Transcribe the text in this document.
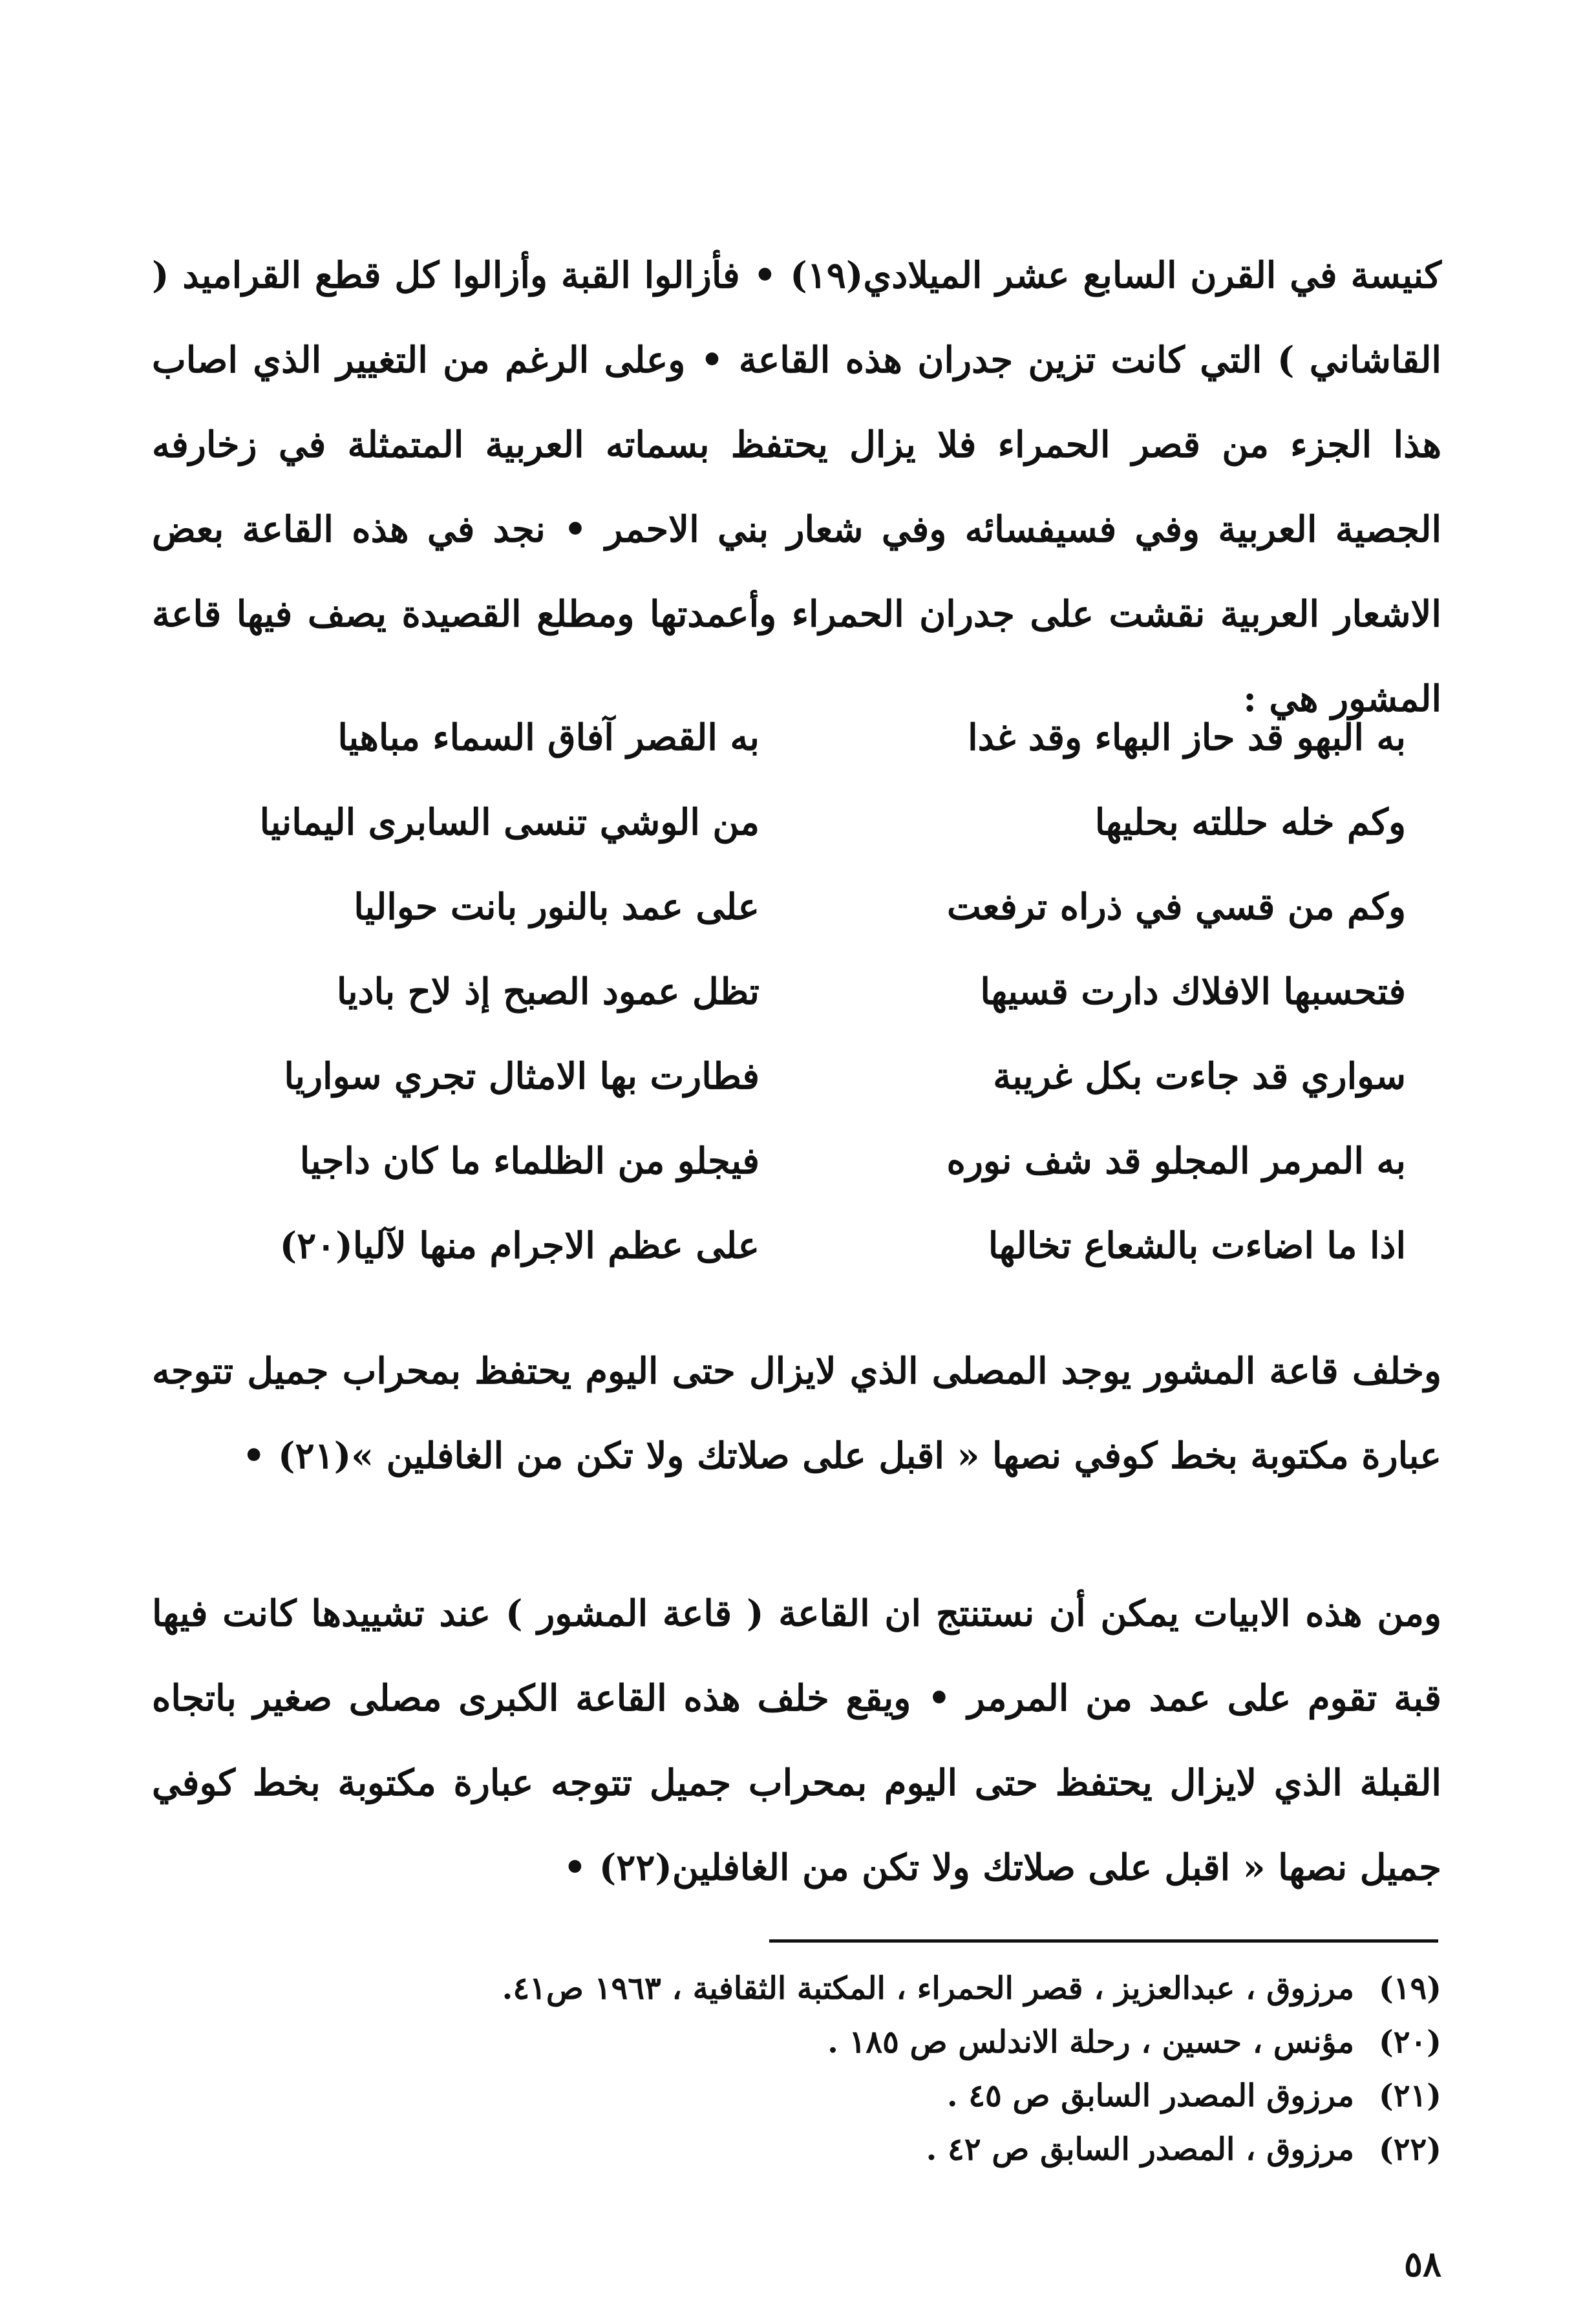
كنيسة في القرن السابع عشر الميلادي(١٩) • فأزالوا القبة وأزالوا كل قطع القراميد ( القاشاني ) التي كانت تزين جدران هذه القاعة • وعلى الرغم من التغيير الذي اصاب هذا الجزء من قصر الحمراء فلا يزال يحتفظ بسماته العربية المتمثلة في زخارفه الجصية العربية وفي فسيفسائه وفي شعار بني الاحمر • نجد في هذه القاعة بعض الاشعار العربية نقشت على جدران الحمراء وأعمدتها ومطلع القصيدة يصف فيها قاعة المشور هي :

به البهو قد حاز البهاء وقد غدا
به القصر آفاق السماء مباهيا
وكم خله حللته بحليها
من الوشي تنسى السابرى اليمانيا
وكم من قسي في ذراه ترفعت
على عمد بالنور بانت حواليا
فتحسبها الافلاك دارت قسيها
تظل عمود الصبح إذ لاح باديا
سواري قد جاءت بكل غريبة
فطارت بها الامثال تجري سواريا
به المرمر المجلو قد شف نوره
فيجلو من الظلماء ما كان داجيا
اذا ما اضاءت بالشعاع تخالها
على عظم الاجرام منها لآليا(٢٠)

وخلف قاعة المشور يوجد المصلى الذي لايزال حتى اليوم يحتفظ بمحراب جميل تتوجه عبارة مكتوبة بخط كوفي نصها « اقبل على صلاتك ولا تكن من الغافلين »(٢١) •

ومن هذه الابيات يمكن أن نستنتج ان القاعة ( قاعة المشور ) عند تشييدها كانت فيها قبة تقوم على عمد من المرمر • ويقع خلف هذه القاعة الكبرى مصلى صغير باتجاه القبلة الذي لايزال يحتفظ حتى اليوم بمحراب جميل تتوجه عبارة مكتوبة بخط كوفي جميل نصها « اقبل على صلاتك ولا تكن من الغافلين(٢٢) •

(١٩)
مرزوق ، عبدالعزيز ، قصر الحمراء ، المكتبة الثقافية ، ١٩٦٣ ص٤١.
(٢٠)
مؤنس ، حسين ، رحلة الاندلس ص ١٨٥ .
(٢١)
مرزوق المصدر السابق ص ٤٥ .
(٢٢)
مرزوق ، المصدر السابق ص ٤٢ .
٥٨
